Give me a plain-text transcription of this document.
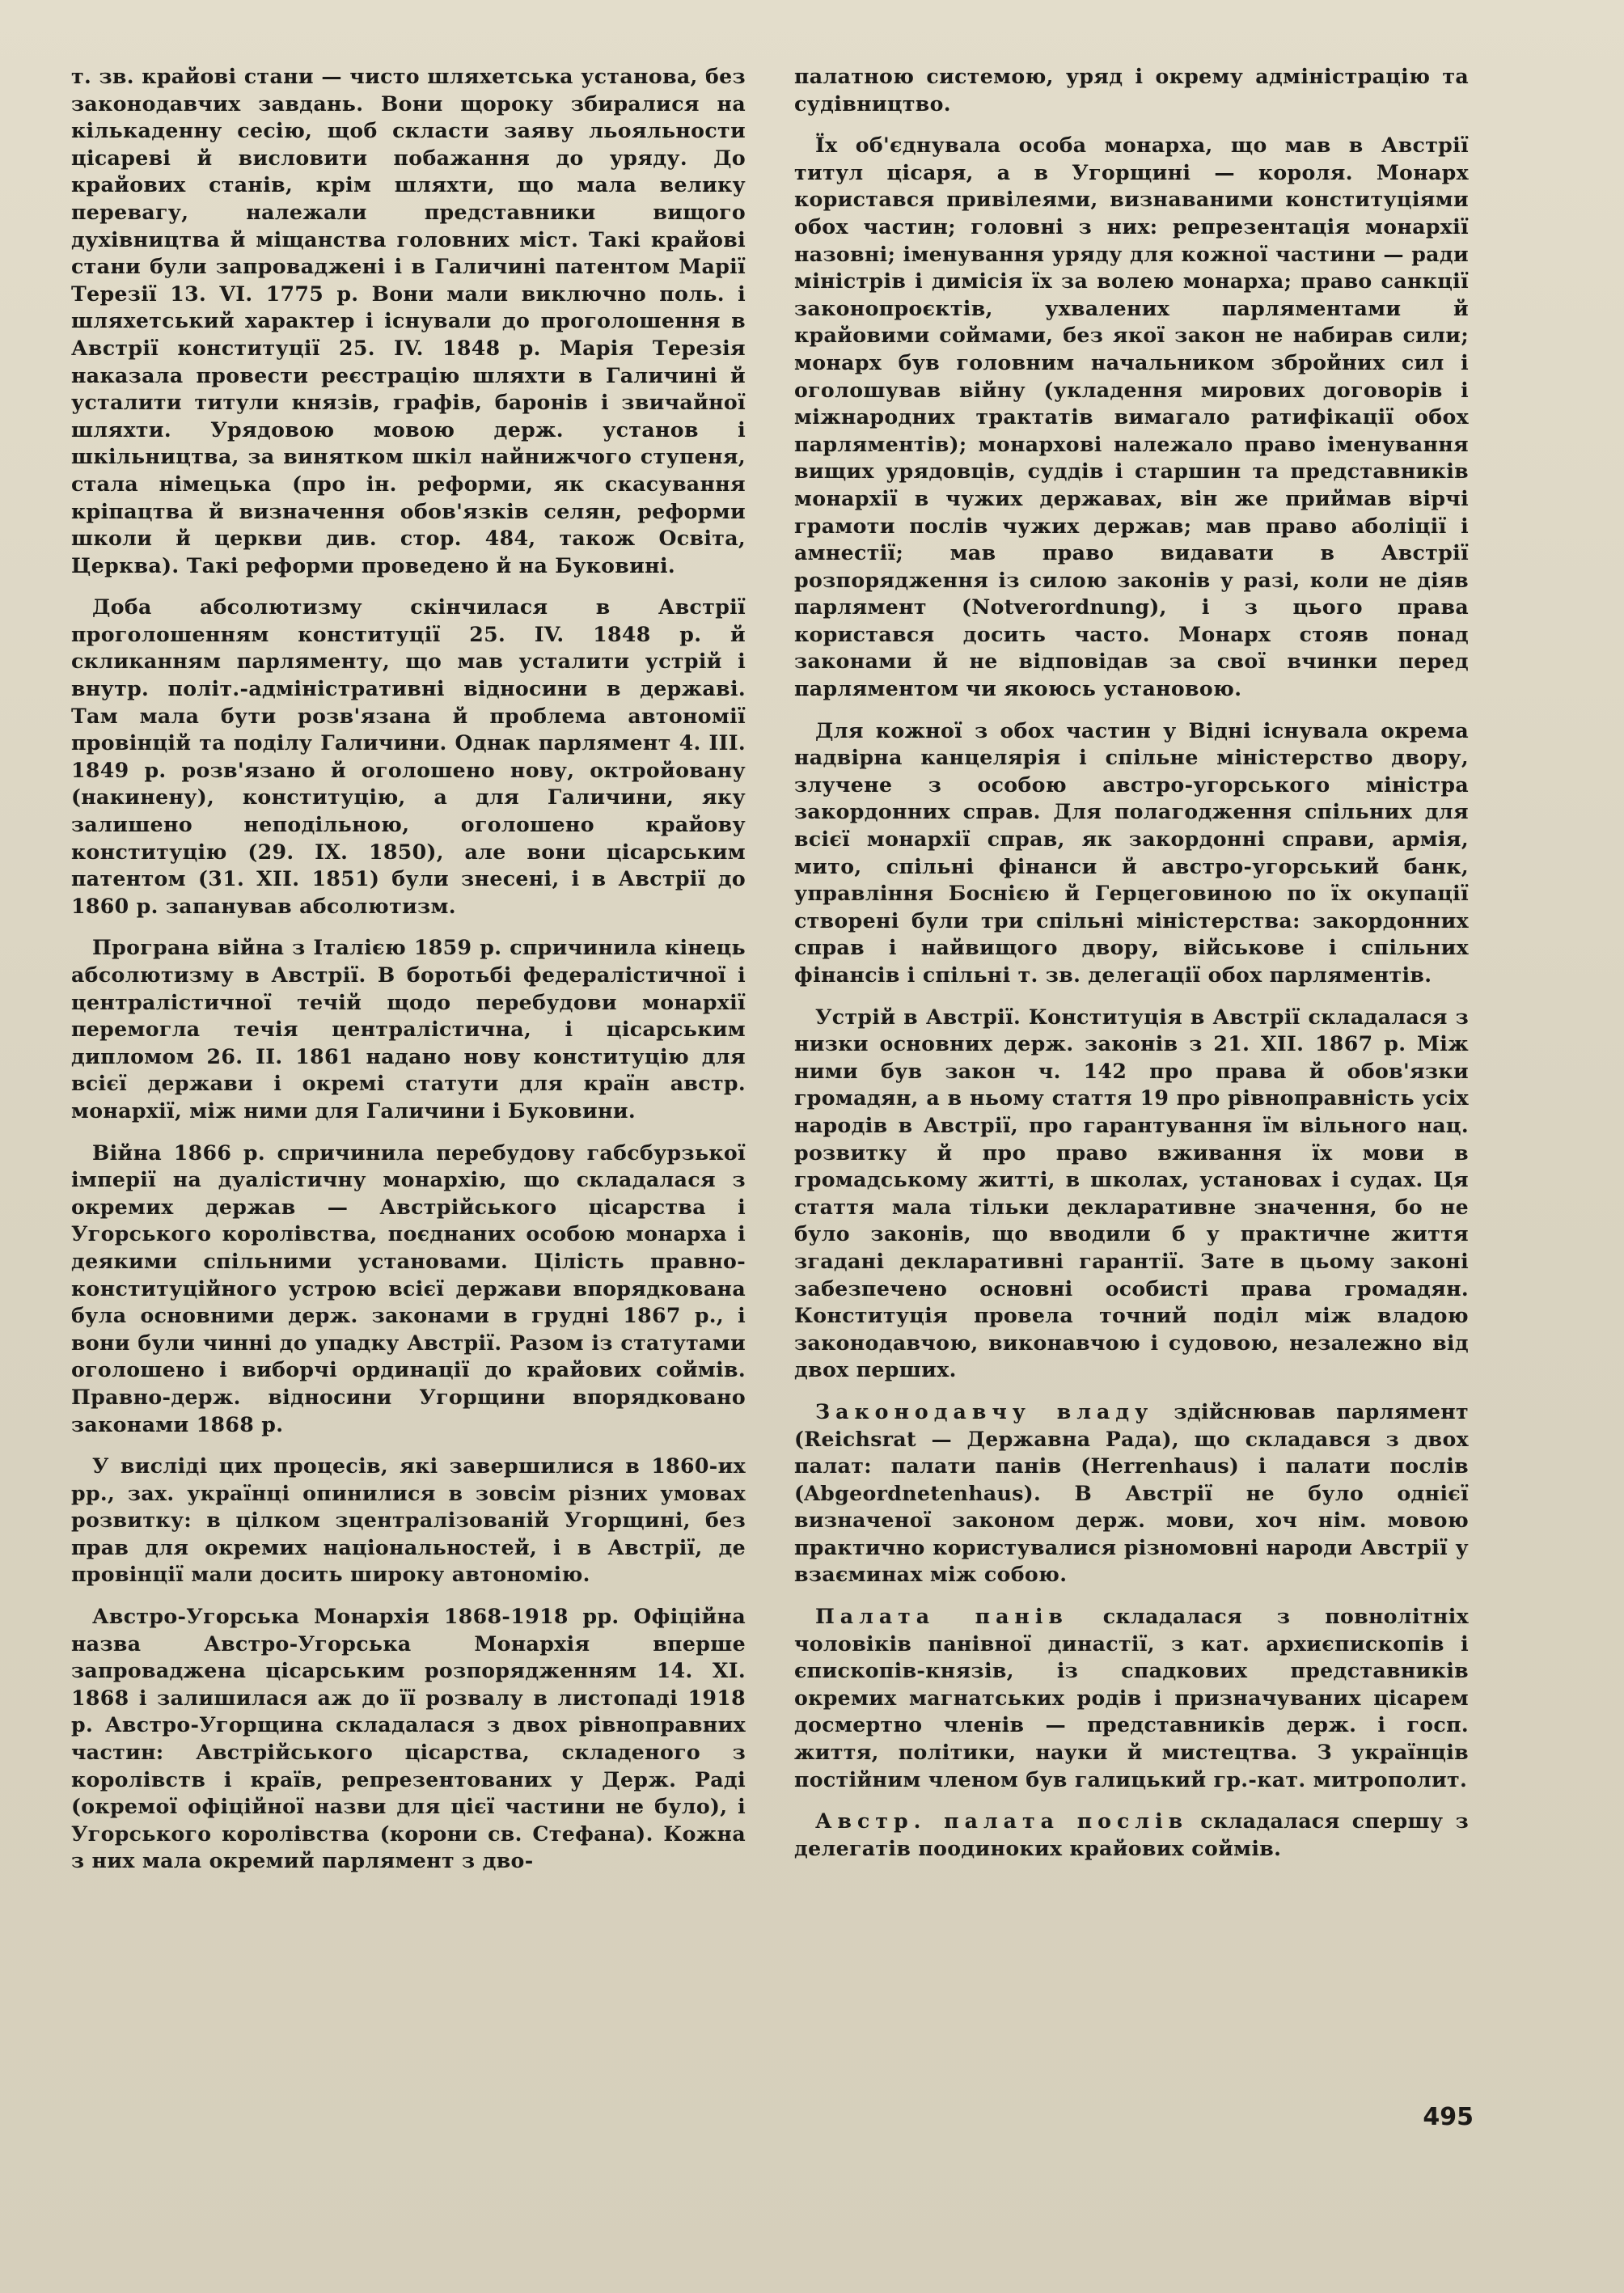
т. зв. крайові стани — чисто шляхетська установа, без законодавчих завдань. Вони щорoку збиралися на кількаденну сесію, щоб скласти заяву льояльности цісареві й висловити побажання до уряду. До крайових станів, крім шляхти, що мала велику перевагу, належали представники вищого духівництва й міщанства головних міст. Такі крайові стани були запроваджені і в Галичині патентом Марії Терезії 13. VI. 1775 р. Вони мали виключно поль. і шляхетський характер і існували до проголошення в Австрії конституції 25. IV. 1848 р. Марія Терезія наказала провести реєстрацію шляхти в Галичині й усталити титули князів, графів, баронів і звичайної шляхти. Урядовою мовою держ. установ і шкільництва, за винятком шкіл найнижчого ступеня, стала німецька (про ін. реформи, як скасування кріпацтва й визначення обов'язків селян, реформи школи й церкви див. стор. 484, також Освіта, Церква). Такі реформи проведено й на Буковині.

Доба абсолютизму скінчилася в Австрії проголошенням конституції 25. IV. 1848 р. й скликанням парляменту, що мав усталити устрій і внутр. політ.-адміністративні відносини в державі. Там мала бути розв'язана й проблема автономії провінцій та поділу Галичини. Однак парлямент 4. III. 1849 р. розв'язано й оголошено нову, октройовану (накинену), конституцію, а для Галичини, яку залишено неподільною, оголошено крайову конституцію (29. IX. 1850), але вони цісарським патентом (31. XII. 1851) були знесені, і в Австрії до 1860 р. запанував абсолютизм.

Програна війна з Італією 1859 р. спричинила кінець абсолютизму в Австрії. В боротьбі федералістичної і централістичної течій щодо перебудови монархії перемогла течія централістична, і цісарським дипломом 26. II. 1861 надано нову конституцію для всієї держави і окремі статути для країн австр. монархії, між ними для Галичини і Буковини.

Війна 1866 р. спричинила перебудову габсбурзької імперії на дуалістичну монархію, що складалася з окремих держав — Австрійського цісарства і Угорського королівства, поєднаних особою монарха і деякими спільними установами. Цілість правно-конституційного устрою всієї держави впорядкована була основними держ. законами в грудні 1867 р., і вони були чинні до упадку Австрії. Разом із статутами оголошено і виборчі ординації до крайових соймів. Правно-держ. відносини Угорщини впорядковано законами 1868 р.

У висліді цих процесів, які завершилися в 1860-их рр., зах. українці опинилися в зовсім різних умовах розвитку: в цілком зцентралізованій Угорщині, без прав для окремих національностей, і в Австрії, де провінції мали досить широку автономію.

Австро-Угорська Монархія 1868-1918 рр. Офіційна назва Австро-Угорська Монархія вперше запроваджена цісарським розпорядженням 14. XI. 1868 і залишилася аж до її розвалу в листопаді 1918 р. Австро-Угорщина складалася з двох рівноправних частин: Австрійського цісарства, складеного з королівств і країв, репрезентованих у Держ. Раді (окремої офіційної назви для цієї частини не було), і Угорського королівства (корони св. Стефана). Кожна з них мала окремий парлямент з дво-

палатною системою, уряд і окрему адміністрацію та судівництво.

Їх об'єднувала особа монарха, що мав в Австрії титул цісаря, а в Угорщині — короля. Монарх користався привілеями, визнаваними конституціями обох частин; головні з них: репрезентація монархії назовні; іменування уряду для кожної частини — ради міністрів і димісія їх за волею монарха; право санкції законопроєктів, ухвалених парляментами й крайовими соймами, без якої закон не набирав сили; монарх був головним начальником збройних сил і оголошував війну (укладення мирових договорів і міжнародних трактатів вимагало ратифікації обох парляментів); монархові належало право іменування вищих урядовців, суддів і старшин та представників монархії в чужих державах, він же приймав вірчі грамоти послів чужих держав; мав право аболіції і амнестії; мав право видавати в Австрії розпорядження із силою законів у разі, коли не діяв парлямент (Notverordnung), і з цього права користався досить часто. Монарх стояв понад законами й не відповідав за свої вчинки перед парляментом чи якоюсь установою.

Для кожної з обох частин у Відні існувала окрема надвірна канцелярія і спільне міністерство двору, злучене з особою австро-угорського міністра закордонних справ. Для полагодження спільних для всієї монархії справ, як закордонні справи, армія, мито, спільні фінанси й австро-угорський банк, управління Боснією й Герцеговиною по їх окупації створені були три спільні міністерства: закордонних справ і найвищого двору, військове і спільних фінансів і спільні т. зв. делегації обох парляментів.

Устрій в Австрії. Конституція в Австрії складалася з низки основних держ. законів з 21. XII. 1867 р. Між ними був закон ч. 142 про права й обов'язки громадян, а в ньому стаття 19 про рівноправність усіх народів в Австрії, про гарантування їм вільного нац. розвитку й про право вживання їх мови в громадському житті, в школах, установах і судах. Ця стаття мала тільки декларативне значення, бо не було законів, що вводили б у практичне життя згадані декларативні гарантії. Зате в цьому законі забезпечено основні особисті права громадян. Конституція провела точний поділ між владою законодавчою, виконавчою і судовою, незалежно від двох перших.

Законодавчу владу здійснював парлямент (Reichsrat — Державна Рада), що складався з двох палат: палати панів (Herrenhaus) і палати послів (Abgeordnetenhaus). В Австрії не було однієї визначеної законом держ. мови, хоч нім. мовою практично користувалися різномовні народи Австрії у взаєминах між собою.

Палата панів складалася з повнолітніх чоловіків панівної династії, з кат. архиєпископів і єпископів-князів, із спадкових представників окремих магнатських родів і призначуваних цісарем досмертно членів — представників держ. і госп. життя, політики, науки й мистецтва. З українців постійним членом був галицький гр.-кат. митрополит.

Австр. палата послів складалася спершу з делегатів поодиноких крайових соймів.

495
